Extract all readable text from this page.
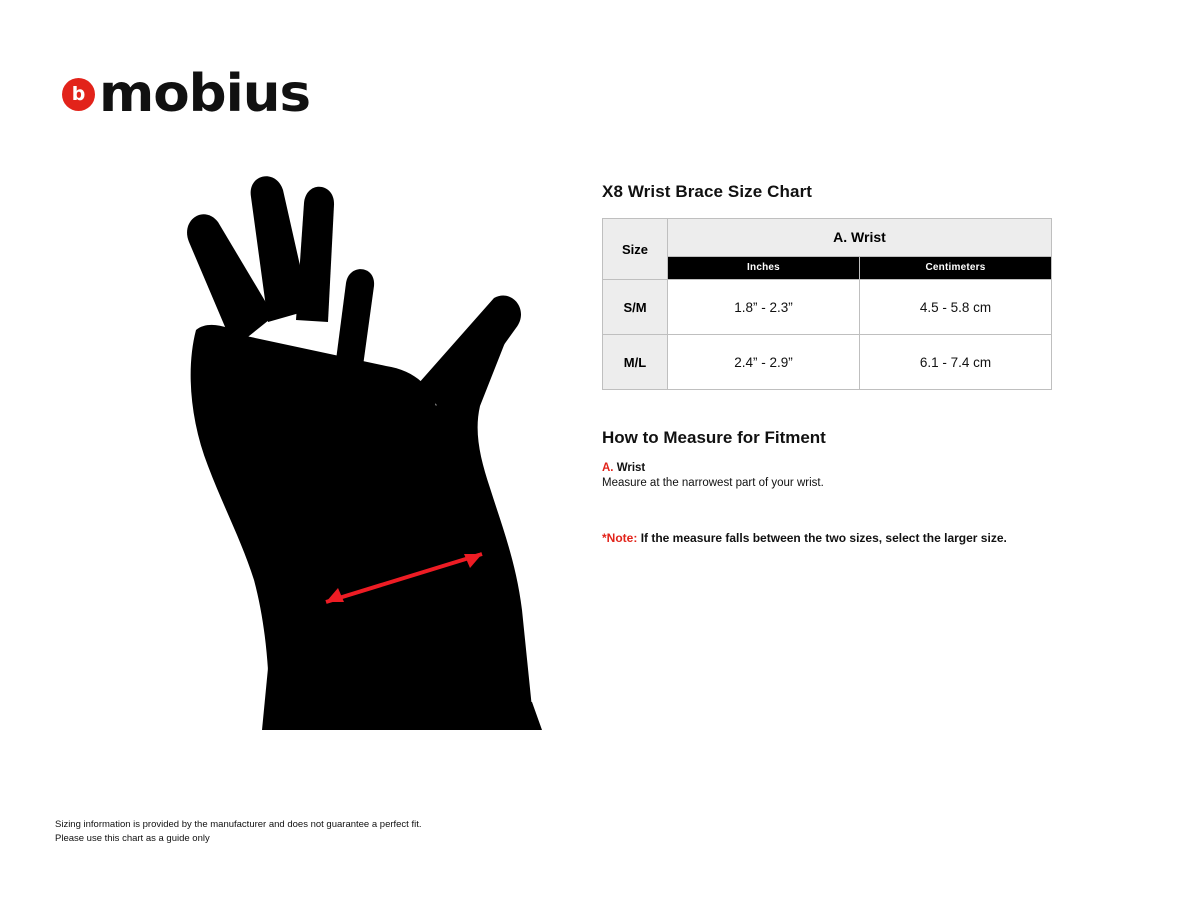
b mobius
A
X8 Wrist Brace Size Chart
Size	A. Wrist	
	Inches	Centimeters
S/M	1.8” - 2.3”	4.5 - 5.8 cm
M/L	2.4” - 2.9”	6.1 - 7.4 cm
How to Measure for Fitment

A. Wrist

Measure at the narrowest part of your wrist.

*Note: If the measure falls between the two sizes, select the larger size.

Sizing information is provided by the manufacturer and does not guarantee a perfect fit.
Please use this chart as a guide only
